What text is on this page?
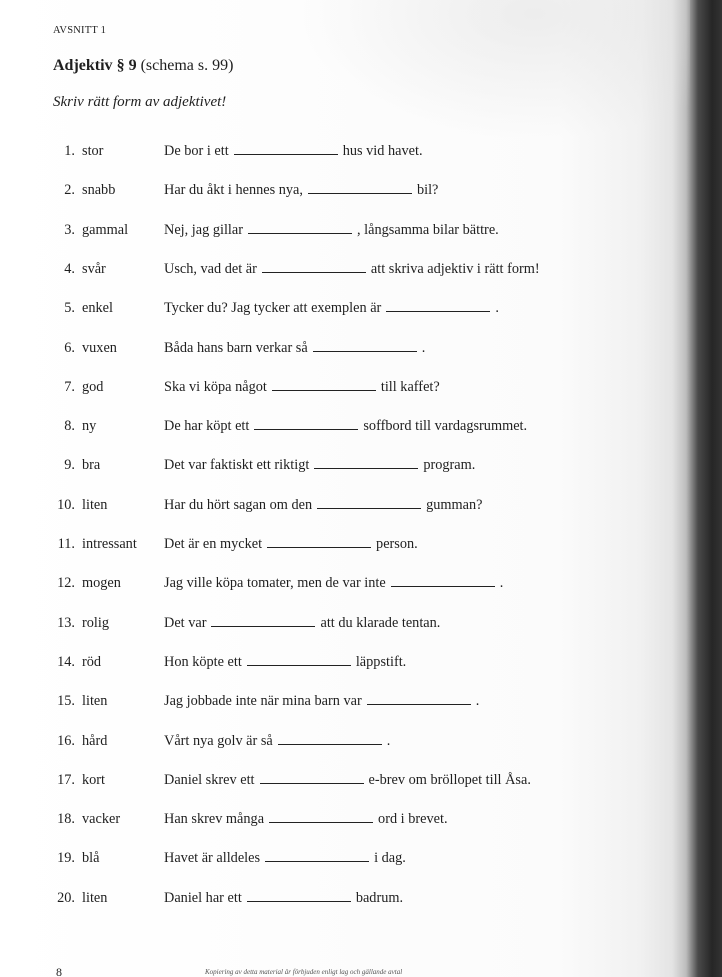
AVSNITT 1
Adjektiv § 9 (schema s. 99)
Skriv rätt form av adjektivet!
1. stor	De bor i ett	hus vid havet.
2. snabb	Har du åkt i hennes nya,	bil?
3. gammal	Nej, jag gillar	, långsamma bilar bättre.
4. svår	Usch, vad det är	att skriva adjektiv i rätt form!
5. enkel	Tycker du? Jag tycker att exemplen är	.
6. vuxen	Båda hans barn verkar så	.
7. god	Ska vi köpa något	till kaffet?
8. ny	De har köpt ett	soffbord till vardagsrummet.
9. bra	Det var faktiskt ett riktigt	program.
10. liten	Har du hört sagan om den	gumman?
11. intressant Det är en mycket	person.
12. mogen	Jag ville köpa tomater, men de var inte	.
13. rolig	Det var	att du klarade tentan.
14. röd	Hon köpte ett	läppstift.
15. liten	Jag jobbade inte när mina barn var	.
16. hård	Vårt nya golv är så	.
17. kort	Daniel skrev ett	e-brev om bröllopet till Åsa.
18. vacker	Han skrev många	ord i brevet.
19. blå	Havet är alldeles	i dag.
20. liten	Daniel har ett	badrum.
8	Kopiering av detta material är förbjuden enligt lag och gällande avtal
